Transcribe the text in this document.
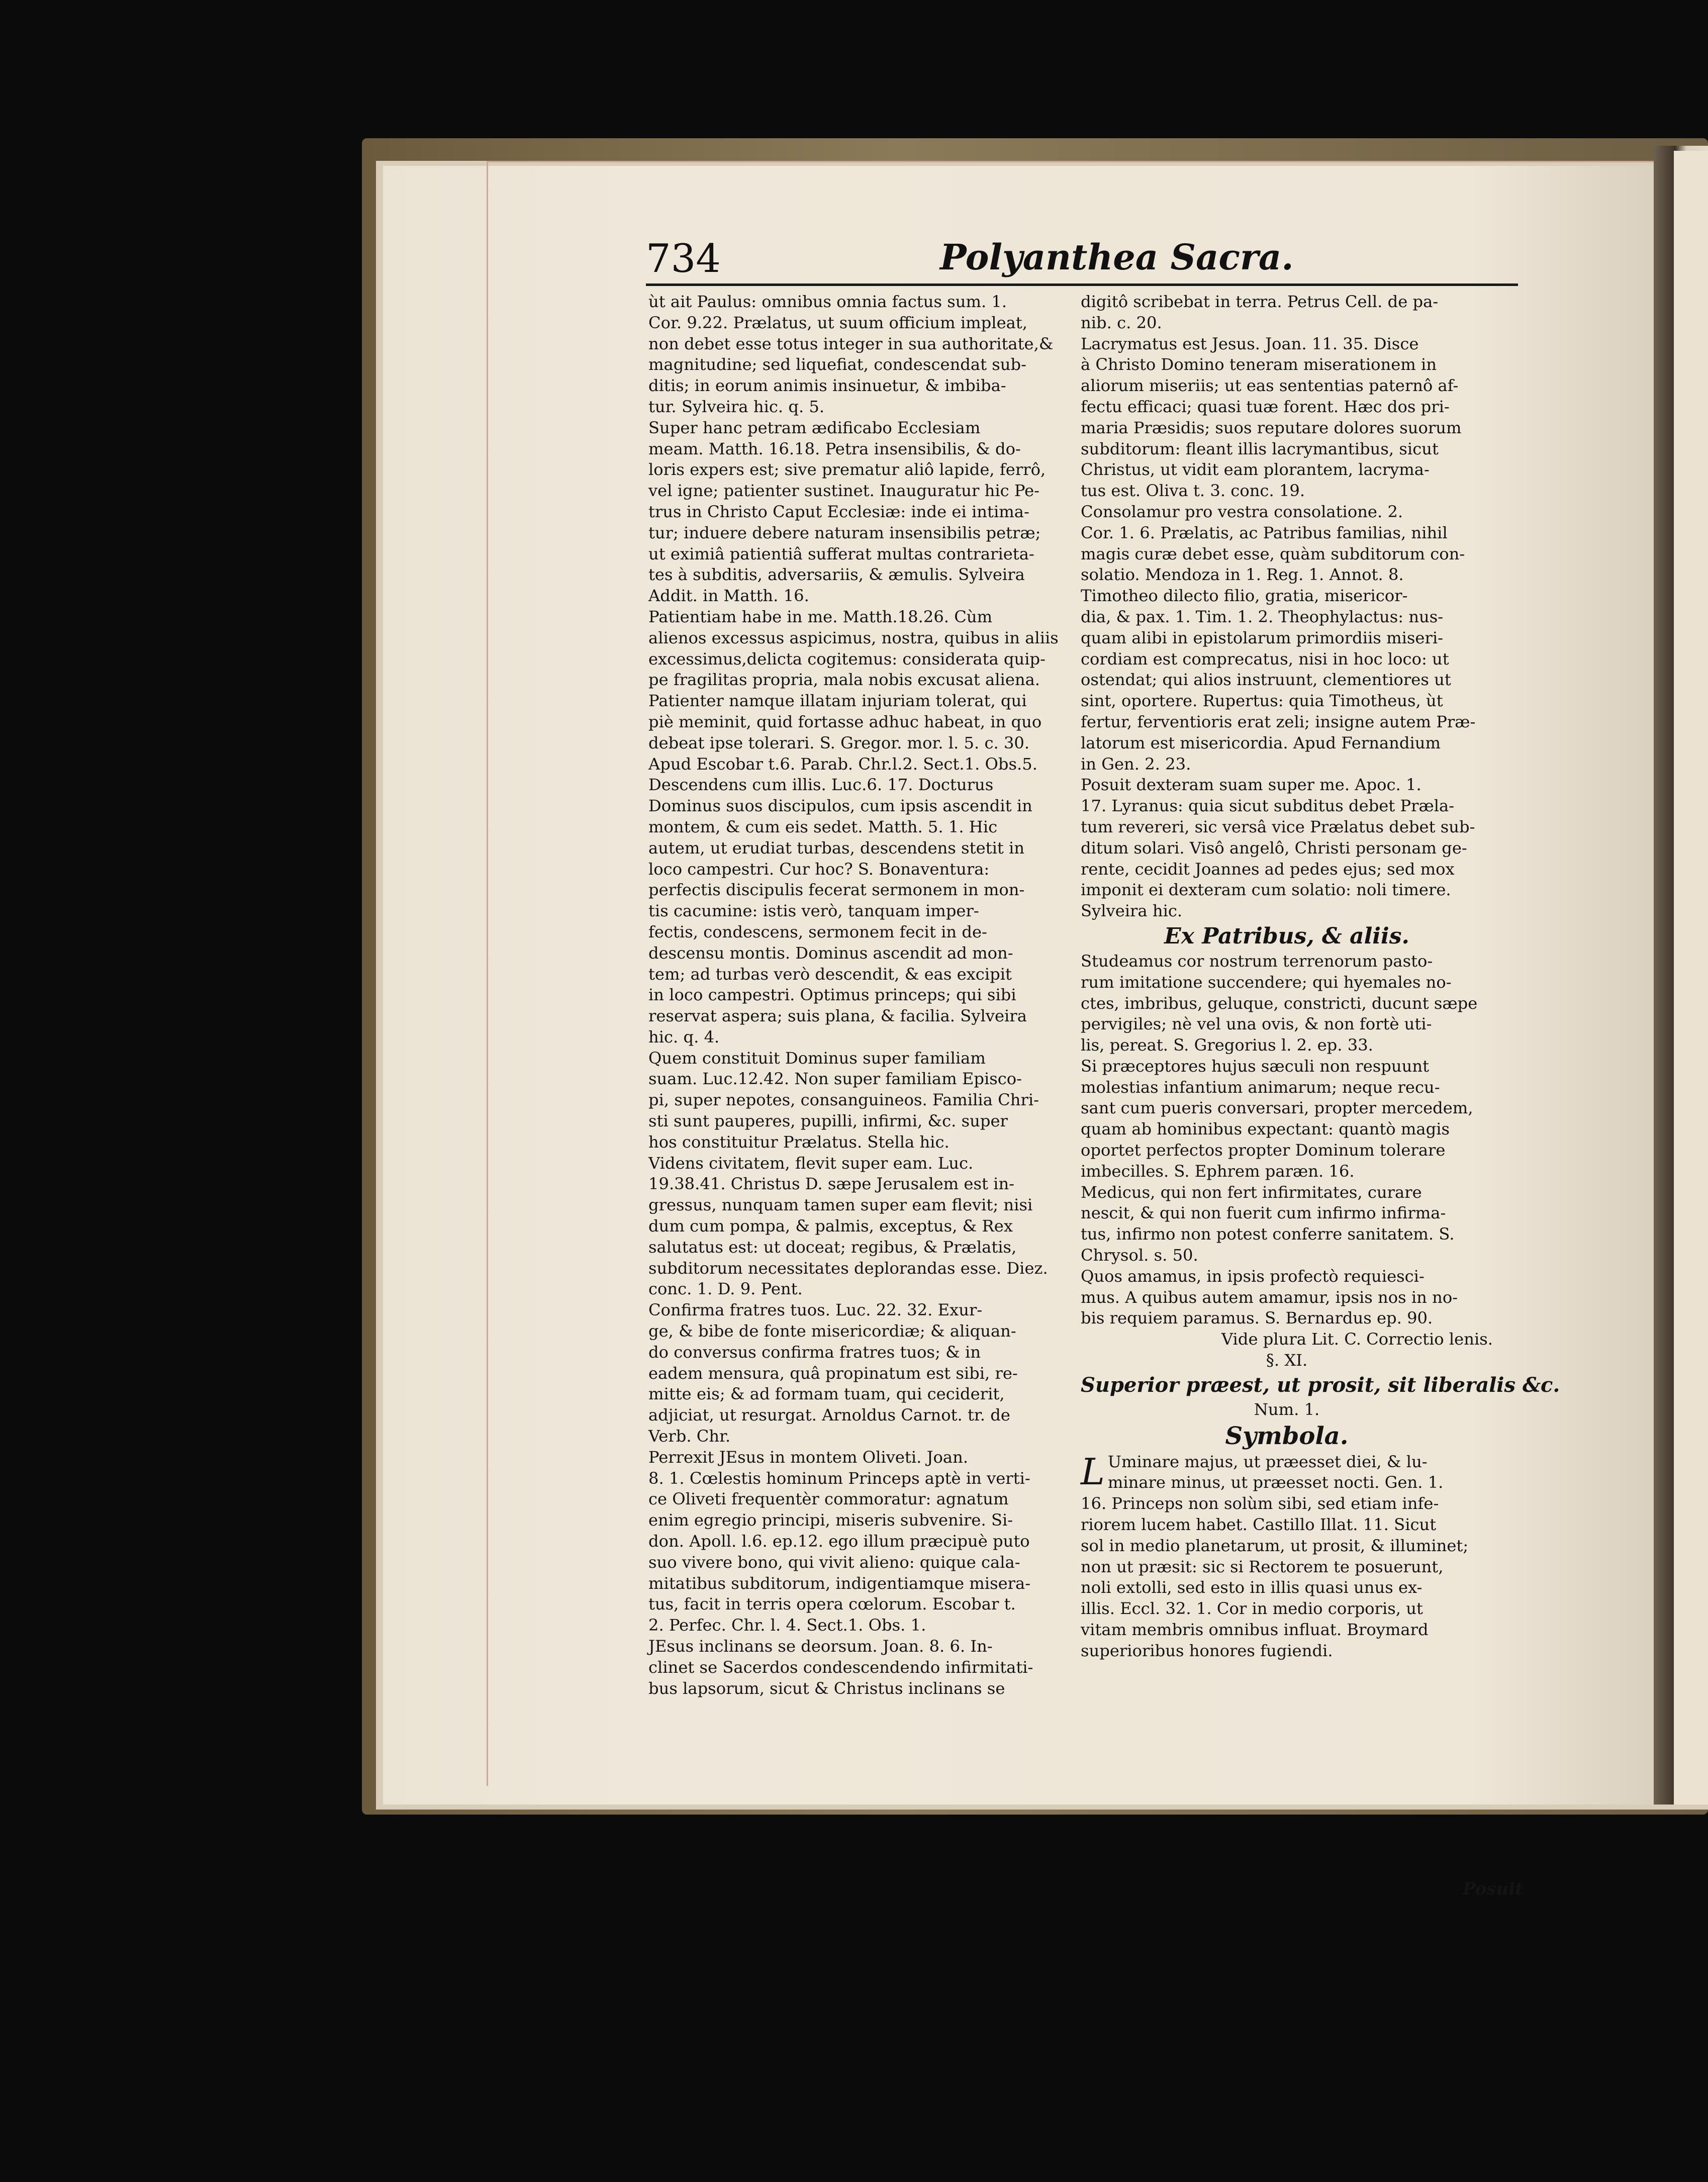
734	Polyanthea Sacra.
ùt ait Paulus: omnibus omnia factus sum. 1.
Cor. 9.22. Prælatus, ut suum officium impleat,
non debet esse totus integer in sua authoritate,&
magnitudine; sed liquefiat, condescendat sub-
ditis; in eorum animis insinuetur, & imbiba-
tur. Sylveira hic. q. 5.
Super hanc petram ædificabo Ecclesiam
meam. Matth. 16.18. Petra insensibilis, & do-
loris expers est; sive prematur aliô lapide, ferrô,
vel igne; patienter sustinet. Inauguratur hic Pe-
trus in Christo Caput Ecclesiæ: inde ei intima-
tur; induere debere naturam insensibilis petræ;
ut eximiâ patientiâ sufferat multas contrarieta-
tes à subditis, adversariis, & æmulis. Sylveira
Addit. in Matth. 16.
Patientiam habe in me. Matth.18.26. Cùm
alienos excessus aspicimus, nostra, quibus in aliis
excessimus,delicta cogitemus: considerata quip-
pe fragilitas propria, mala nobis excusat aliena.
Patienter namque illatam injuriam tolerat, qui
piè meminit, quid fortasse adhuc habeat, in quo
debeat ipse tolerari. S. Gregor. mor. l. 5. c. 30.
Apud Escobar t.6. Parab. Chr.l.2. Sect.1. Obs.5.
Descendens cum illis. Luc.6. 17. Docturus
Dominus suos discipulos, cum ipsis ascendit in
montem, & cum eis sedet. Matth. 5. 1. Hic
autem, ut erudiat turbas, descendens stetit in
loco campestri. Cur hoc? S. Bonaventura:
perfectis discipulis fecerat sermonem in mon-
tis cacumine: istis verò, tanquam imper-
fectis, condescens, sermonem fecit in de-
descensu montis. Dominus ascendit ad mon-
tem; ad turbas verò descendit, & eas excipit
in loco campestri. Optimus princeps; qui sibi
reservat aspera; suis plana, & facilia. Sylveira
hic. q. 4.
Quem constituit Dominus super familiam
suam. Luc.12.42. Non super familiam Episco-
pi, super nepotes, consanguineos. Familia Chri-
sti sunt pauperes, pupilli, infirmi, &c. super
hos constituitur Prælatus. Stella hic.
Videns civitatem, flevit super eam. Luc.
19.38.41. Christus D. sæpe Jerusalem est in-
gressus, nunquam tamen super eam flevit; nisi
dum cum pompa, & palmis, exceptus, & Rex
salutatus est: ut doceat; regibus, & Prælatis,
subditorum necessitates deplorandas esse. Diez.
conc. 1. D. 9. Pent.
Confirma fratres tuos. Luc. 22. 32. Exur-
ge, & bibe de fonte misericordiæ; & aliquan-
do conversus confirma fratres tuos; & in
eadem mensura, quâ propinatum est sibi, re-
mitte eis; & ad formam tuam, qui ceciderit,
adjiciat, ut resurgat. Arnoldus Carnot. tr. de
Verb. Chr.
Perrexit JEsus in montem Oliveti. Joan.
8. 1. Cœlestis hominum Princeps aptè in verti-
ce Oliveti frequentèr commoratur: agnatum
enim egregio principi, miseris subvenire. Si-
don. Apoll. l.6. ep.12. ego illum præcipuè puto
suo vivere bono, qui vivit alieno: quique cala-
mitatibus subditorum, indigentiamque misera-
tus, facit in terris opera cœlorum. Escobar t.
2. Perfec. Chr. l. 4. Sect.1. Obs. 1.
JEsus inclinans se deorsum. Joan. 8. 6. In-
clinet se Sacerdos condescendendo infirmitati-
bus lapsorum, sicut & Christus inclinans se
digitô scribebat in terra. Petrus Cell. de pa-
nib. c. 20.
Lacrymatus est Jesus. Joan. 11. 35. Disce
à Christo Domino teneram miserationem in
aliorum miseriis; ut eas sententias paternô af-
fectu efficaci; quasi tuæ forent. Hæc dos pri-
maria Præsidis; suos reputare dolores suorum
subditorum: fleant illis lacrymantibus, sicut
Christus, ut vidit eam plorantem, lacryma-
tus est. Oliva t. 3. conc. 19.
Consolamur pro vestra consolatione. 2.
Cor. 1. 6. Prælatis, ac Patribus familias, nihil
magis curæ debet esse, quàm subditorum con-
solatio. Mendoza in 1. Reg. 1. Annot. 8.
Timotheo dilecto filio, gratia, misericor-
dia, & pax. 1. Tim. 1. 2. Theophylactus: nus-
quam alibi in epistolarum primordiis miseri-
cordiam est comprecatus, nisi in hoc loco: ut
ostendat; qui alios instruunt, clementiores ut
sint, oportere. Rupertus: quia Timotheus, ùt
fertur, ferventioris erat zeli; insigne autem Præ-
latorum est misericordia. Apud Fernandium
in Gen. 2. 23.
Posuit dexteram suam super me. Apoc. 1.
17. Lyranus: quia sicut subditus debet Præla-
tum revereri, sic versâ vice Prælatus debet sub-
ditum solari. Visô angelô, Christi personam ge-
rente, cecidit Joannes ad pedes ejus; sed mox
imponit ei dexteram cum solatio: noli timere.
Sylveira hic.
Ex Patribus, & aliis.
Studeamus cor nostrum terrenorum pasto-
rum imitatione succendere; qui hyemales no-
ctes, imbribus, geluque, constricti, ducunt sæpe
pervigiles; nè vel una ovis, & non fortè uti-
lis, pereat. S. Gregorius l. 2. ep. 33.
Si præceptores hujus sæculi non respuunt
molestias infantium animarum; neque recu-
sant cum pueris conversari, propter mercedem,
quam ab hominibus expectant: quantò magis
oportet perfectos propter Dominum tolerare
imbecilles. S. Ephrem paræn. 16.
Medicus, qui non fert infirmitates, curare
nescit, & qui non fuerit cum infirmo infirma-
tus, infirmo non potest conferre sanitatem. S.
Chrysol. s. 50.
Quos amamus, in ipsis profectò requiesci-
mus. A quibus autem amamur, ipsis nos in no-
bis requiem paramus. S. Bernardus ep. 90.
Vide plura Lit. C. Correctio lenis.
§. XI.
Superior præest, ut prosit, sit liberalis &c.
Num. 1.
Symbola.
L Uminare majus, ut præesset diei, & lu-
minare minus, ut præesset nocti. Gen. 1.
16. Princeps non solùm sibi, sed etiam infe-
riorem lucem habet. Castillo Illat. 11. Sicut
sol in medio planetarum, ut prosit, & illuminet;
non ut præsit: sic si Rectorem te posuerunt,
noli extolli, sed esto in illis quasi unus ex-
illis. Eccl. 32. 1. Cor in medio corporis, ut
vitam membris omnibus influat. Broymard
superioribus honores fugiendi.
Posuit
